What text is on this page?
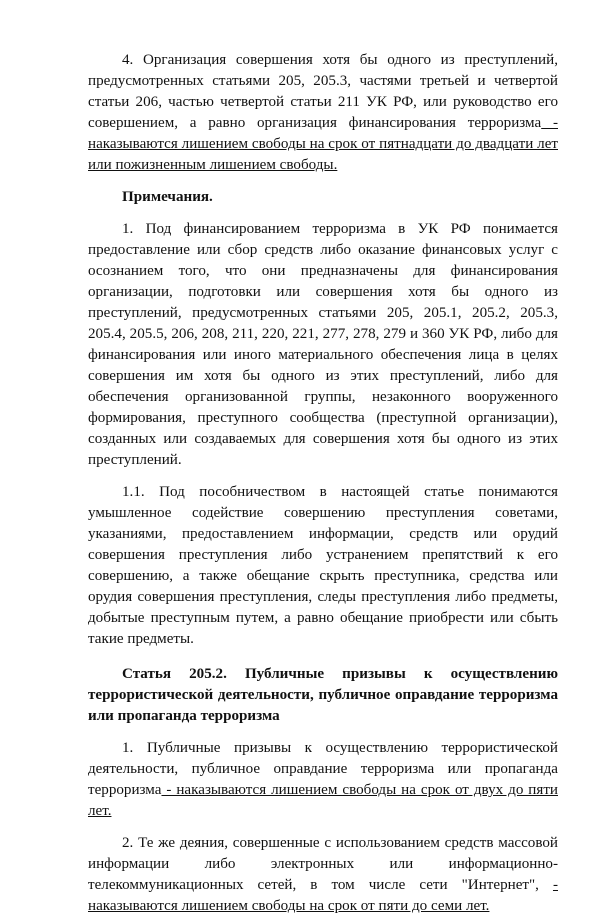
4. Организация совершения хотя бы одного из преступлений, предусмотренных статьями 205, 205.3, частями третьей и четвертой статьи 206, частью четвертой статьи 211 УК РФ, или руководство его совершением, а равно организация финансирования терроризма - наказываются лишением свободы на срок от пятнадцати до двадцати лет или пожизненным лишением свободы.

Примечания.

1. Под финансированием терроризма в УК РФ понимается предоставление или сбор средств либо оказание финансовых услуг с осознанием того, что они предназначены для финансирования организации, подготовки или совершения хотя бы одного из преступлений, предусмотренных статьями 205, 205.1, 205.2, 205.3, 205.4, 205.5, 206, 208, 211, 220, 221, 277, 278, 279 и 360 УК РФ, либо для финансирования или иного материального обеспечения лица в целях совершения им хотя бы одного из этих преступлений, либо для обеспечения организованной группы, незаконного вооруженного формирования, преступного сообщества (преступной организации), созданных или создаваемых для совершения хотя бы одного из этих преступлений.

1.1. Под пособничеством в настоящей статье понимаются умышленное содействие совершению преступления советами, указаниями, предоставлением информации, средств или орудий совершения преступления либо устранением препятствий к его совершению, а также обещание скрыть преступника, средства или орудия совершения преступления, следы преступления либо предметы, добытые преступным путем, а равно обещание приобрести или сбыть такие предметы.

Статья 205.2. Публичные призывы к осуществлению террористической деятельности, публичное оправдание терроризма или пропаганда терроризма

1. Публичные призывы к осуществлению террористической деятельности, публичное оправдание терроризма или пропаганда терроризма - наказываются лишением свободы на срок от двух до пяти лет.

2. Те же деяния, совершенные с использованием средств массовой информации либо электронных или информационно-телекоммуникационных сетей, в том числе сети "Интернет", - наказываются лишением свободы на срок от пяти до семи лет.
